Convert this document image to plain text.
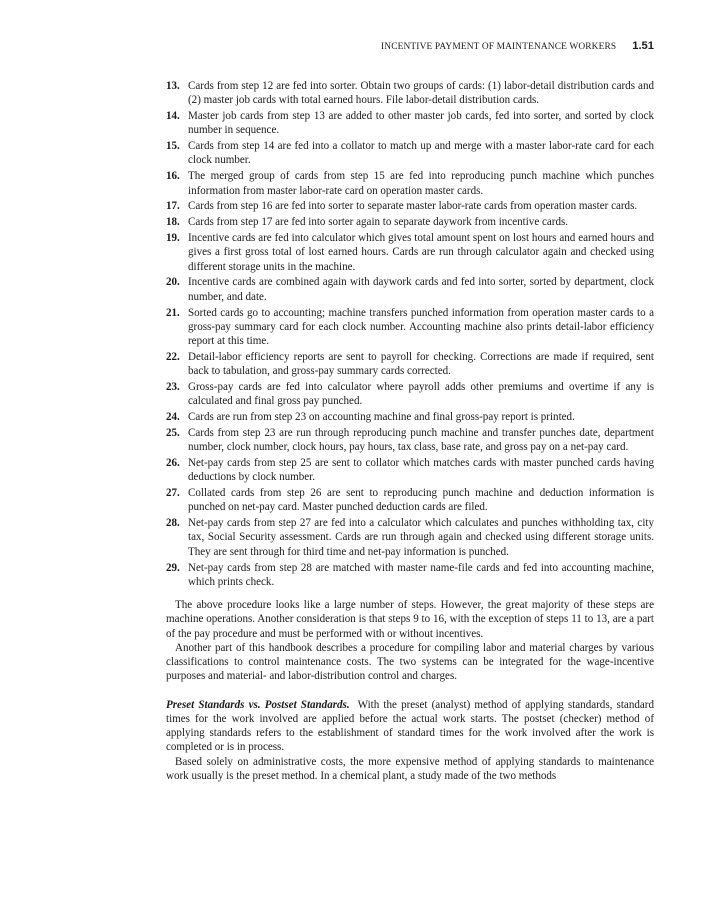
INCENTIVE PAYMENT OF MAINTENANCE WORKERS 1.51
13. Cards from step 12 are fed into sorter. Obtain two groups of cards: (1) labor-detail distribution cards and (2) master job cards with total earned hours. File labor-detail distribution cards.
14. Master job cards from step 13 are added to other master job cards, fed into sorter, and sorted by clock number in sequence.
15. Cards from step 14 are fed into a collator to match up and merge with a master labor-rate card for each clock number.
16. The merged group of cards from step 15 are fed into reproducing punch machine which punches information from master labor-rate card on operation master cards.
17. Cards from step 16 are fed into sorter to separate master labor-rate cards from operation master cards.
18. Cards from step 17 are fed into sorter again to separate daywork from incentive cards.
19. Incentive cards are fed into calculator which gives total amount spent on lost hours and earned hours and gives a first gross total of lost earned hours. Cards are run through calculator again and checked using different storage units in the machine.
20. Incentive cards are combined again with daywork cards and fed into sorter, sorted by department, clock number, and date.
21. Sorted cards go to accounting; machine transfers punched information from operation master cards to a gross-pay summary card for each clock number. Accounting machine also prints detail-labor efficiency report at this time.
22. Detail-labor efficiency reports are sent to payroll for checking. Corrections are made if required, sent back to tabulation, and gross-pay summary cards corrected.
23. Gross-pay cards are fed into calculator where payroll adds other premiums and overtime if any is calculated and final gross pay punched.
24. Cards are run from step 23 on accounting machine and final gross-pay report is printed.
25. Cards from step 23 are run through reproducing punch machine and transfer punches date, department number, clock number, clock hours, pay hours, tax class, base rate, and gross pay on a net-pay card.
26. Net-pay cards from step 25 are sent to collator which matches cards with master punched cards having deductions by clock number.
27. Collated cards from step 26 are sent to reproducing punch machine and deduction information is punched on net-pay card. Master punched deduction cards are filed.
28. Net-pay cards from step 27 are fed into a calculator which calculates and punches withholding tax, city tax, Social Security assessment. Cards are run through again and checked using different storage units. They are sent through for third time and net-pay information is punched.
29. Net-pay cards from step 28 are matched with master name-file cards and fed into accounting machine, which prints check.

The above procedure looks like a large number of steps. However, the great majority of these steps are machine operations. Another consideration is that steps 9 to 16, with the exception of steps 11 to 13, are a part of the pay procedure and must be performed with or without incentives.

Another part of this handbook describes a procedure for compiling labor and material charges by various classifications to control maintenance costs. The two systems can be integrated for the wage-incentive purposes and material- and labor-distribution control and charges.

Preset Standards vs. Postset Standards. With the preset (analyst) method of applying standards, standard times for the work involved are applied before the actual work starts. The postset (checker) method of applying standards refers to the establishment of standard times for the work involved after the work is completed or is in process.

Based solely on administrative costs, the more expensive method of applying standards to maintenance work usually is the preset method. In a chemical plant, a study made of the two methods
